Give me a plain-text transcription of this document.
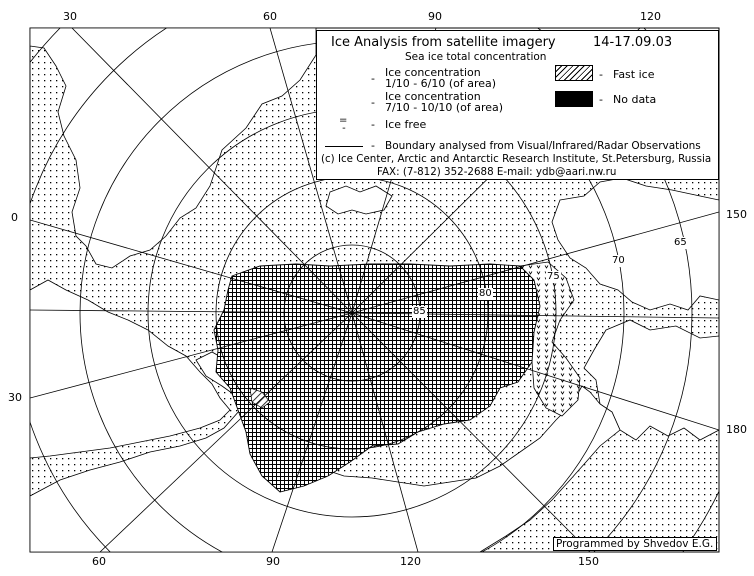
30	60	90	120
60	90	120	150
0
30
150
180
85
80
75
70
65
Ice Analysis from satellite imagery	14-17.09.03
Sea ice total concentration
- Ice concentration
1/10 - 6/10 (of area)
- Ice concentration
7/10 - 10/10 (of area)
=
- - Ice free
- Fast ice
- No data
- Boundary analysed from Visual/Infrared/Radar Observations
(c) Ice Center, Arctic and Antarctic Research Institute, St.Petersburg, Russia
FAX: (7-812) 352-2688 E-mail: ydb@aari.nw.ru
Programmed by Shvedov E.G.
